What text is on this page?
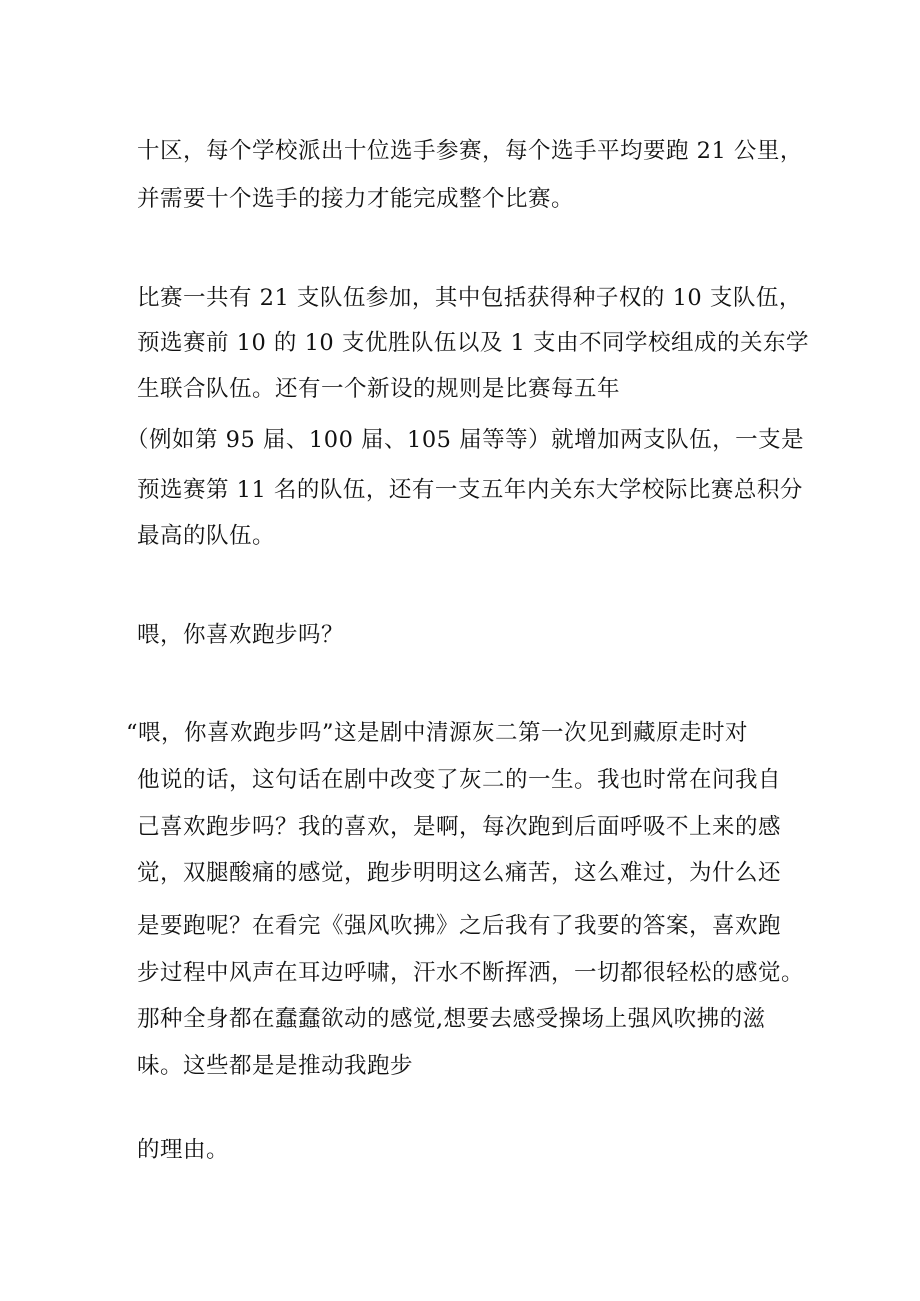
十区，每个学校派出十位选手参赛，每个选手平均要跑 21 公里，
并需要十个选手的接力才能完成整个比赛。
比赛一共有 21 支队伍参加，其中包括获得种子权的 10 支队伍，
预选赛前 10 的 10 支优胜队伍以及 1 支由不同学校组成的关东学
生联合队伍。还有一个新设的规则是比赛每五年
（例如第 95 届、100 届、105 届等等）就增加两支队伍，一支是
预选赛第 11 名的队伍，还有一支五年内关东大学校际比赛总积分
最高的队伍。
喂，你喜欢跑步吗？
“喂，你喜欢跑步吗”这是剧中清源灰二第一次见到藏原走时对
他说的话，这句话在剧中改变了灰二的一生。我也时常在问我自
己喜欢跑步吗？我的喜欢，是啊，每次跑到后面呼吸不上来的感
觉，双腿酸痛的感觉，跑步明明这么痛苦，这么难过，为什么还
是要跑呢？在看完《强风吹拂》之后我有了我要的答案，喜欢跑
步过程中风声在耳边呼啸，汗水不断挥洒，一切都很轻松的感觉。
那种全身都在蠢蠢欲动的感觉,想要去感受操场上强风吹拂的滋
味。这些都是是推动我跑步
的理由。
